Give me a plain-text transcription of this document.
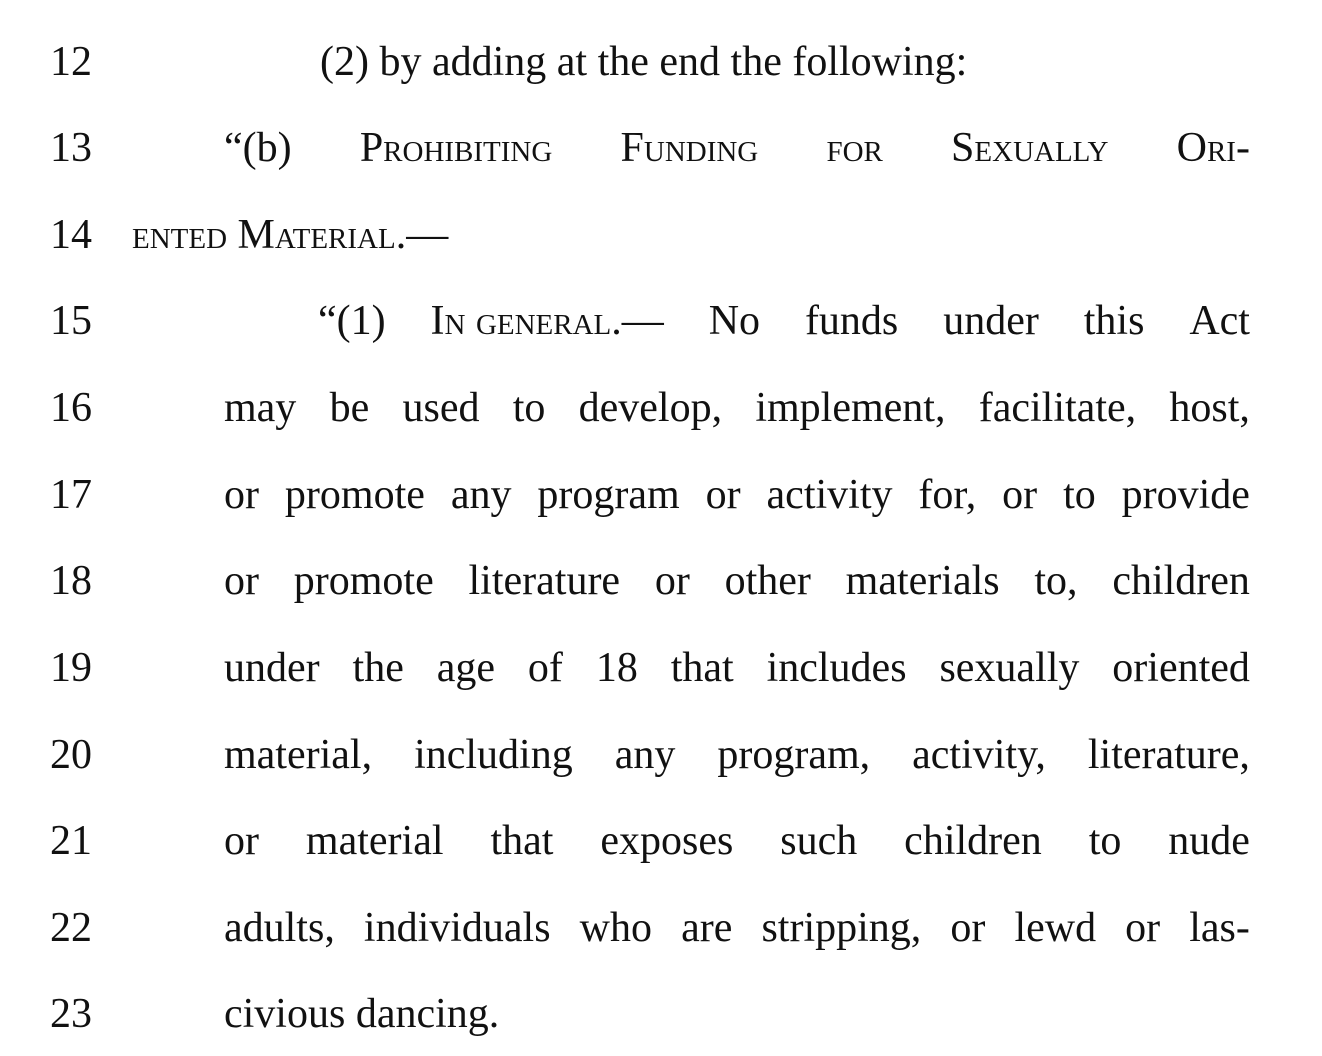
12	(2) by adding at the end the following:
13	“(b) Prohibiting Funding for Sexually Ori-
14 ented Material.—
15	“(1) In general.— No funds under this Act
16	may be used to develop, implement, facilitate, host,
17	or promote any program or activity for, or to provide
18	or promote literature or other materials to, children
19	under the age of 18 that includes sexually oriented
20	material, including any program, activity, literature,
21	or material that exposes such children to nude
22	adults, individuals who are stripping, or lewd or las-
23	civious dancing.
